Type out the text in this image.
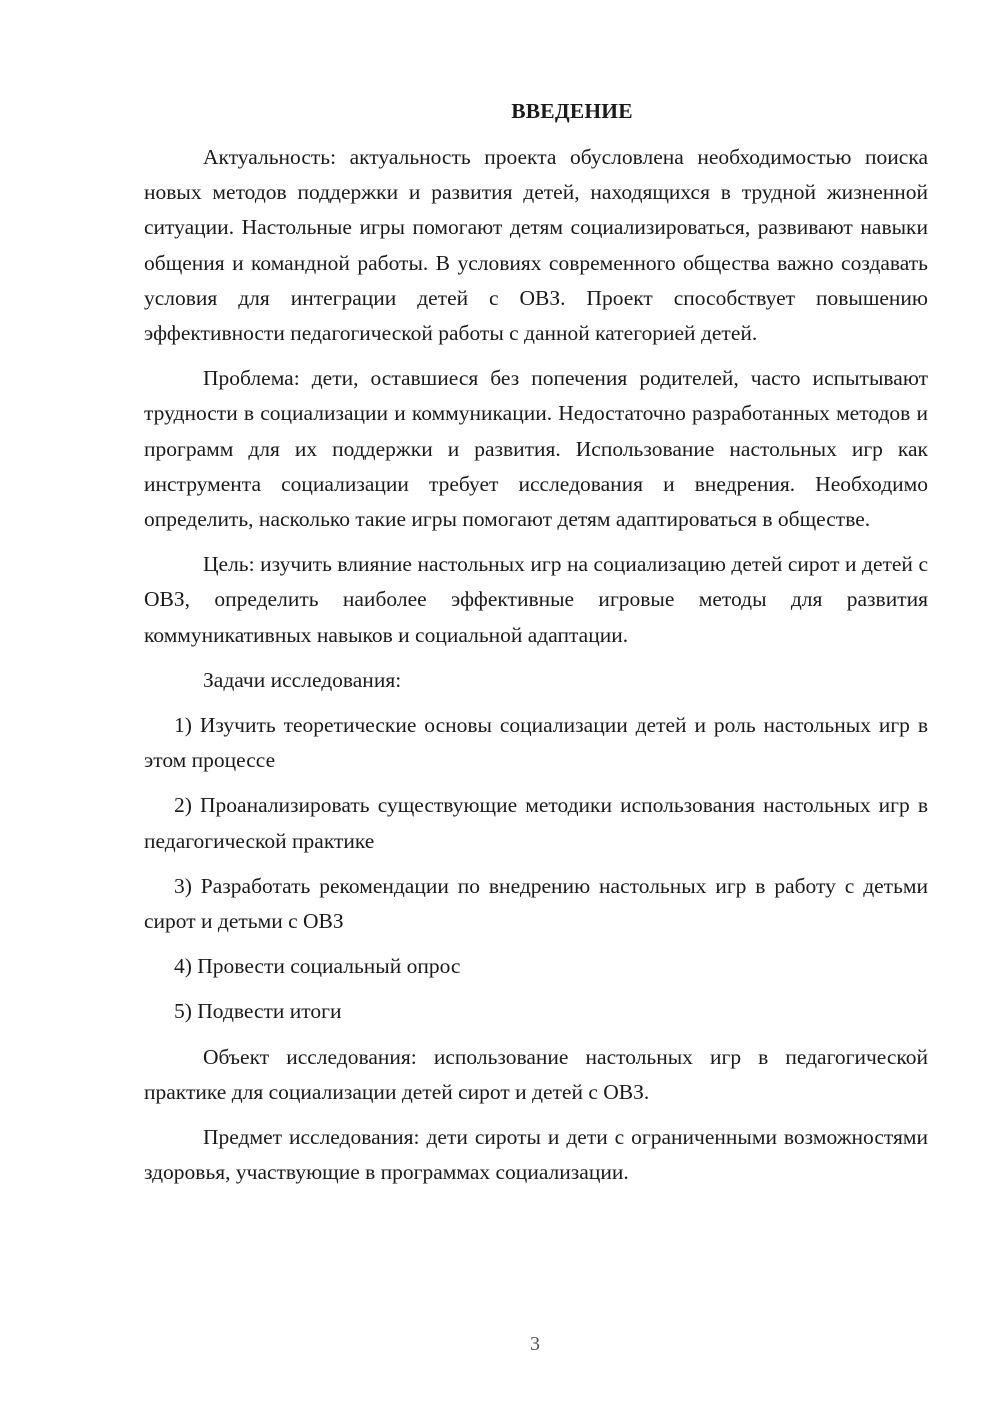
ВВЕДЕНИЕ

Актуальность: актуальность проекта обусловлена необходимостью поиска новых методов поддержки и развития детей, находящихся в трудной жизненной ситуации. Настольные игры помогают детям социализироваться, развивают навыки общения и командной работы. В условиях современного общества важно создавать условия для интеграции детей с ОВЗ. Проект способствует повышению эффективности педагогической работы с данной категорией детей.

Проблема: дети, оставшиеся без попечения родителей, часто испытывают трудности в социализации и коммуникации. Недостаточно разработанных методов и программ для их поддержки и развития. Использование настольных игр как инструмента социализации требует исследования и внедрения. Необходимо определить, насколько такие игры помогают детям адаптироваться в обществе.

Цель: изучить влияние настольных игр на социализацию детей сирот и детей с ОВЗ, определить наиболее эффективные игровые методы для развития коммуникативных навыков и социальной адаптации.

Задачи исследования:

1) Изучить теоретические основы социализации детей и роль настольных игр в этом процессе

2) Проанализировать существующие методики использования настольных игр в педагогической практике

3) Разработать рекомендации по внедрению настольных игр в работу с детьми сирот и детьми с ОВЗ

4) Провести социальный опрос

5) Подвести итоги

Объект исследования: использование настольных игр в педагогической практике для социализации детей сирот и детей с ОВЗ.

Предмет исследования: дети сироты и дети с ограниченными возможностями здоровья, участвующие в программах социализации.

3
